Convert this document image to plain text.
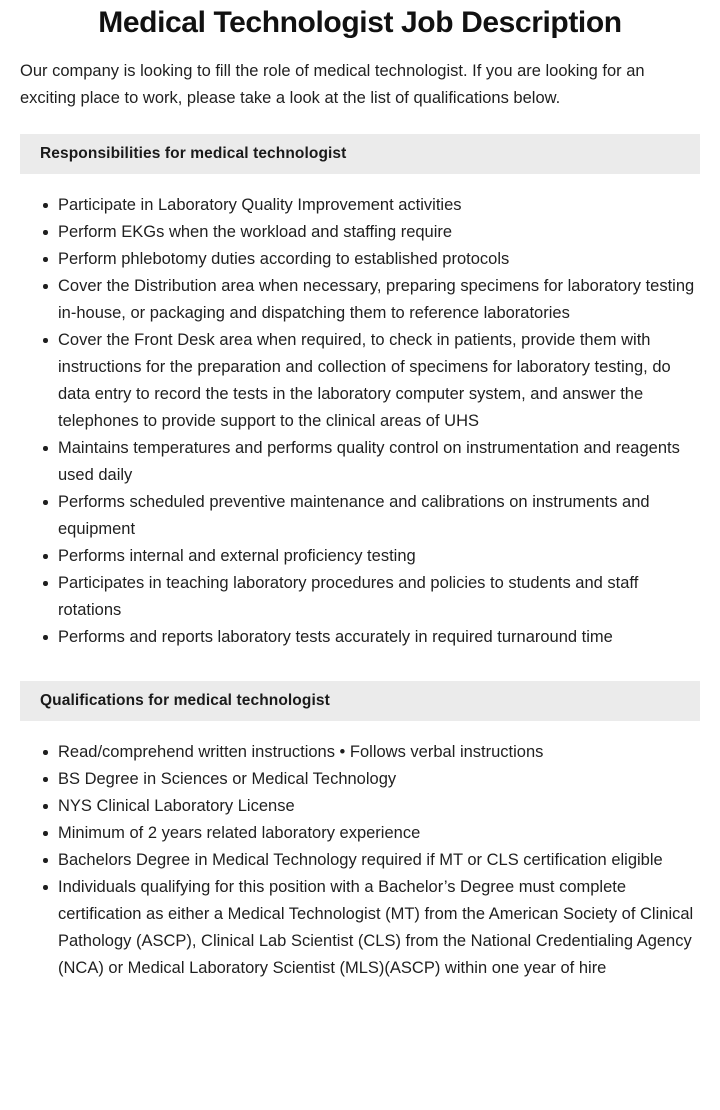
Medical Technologist Job Description

Our company is looking to fill the role of medical technologist. If you are looking for an exciting place to work, please take a look at the list of qualifications below.

Responsibilities for medical technologist
Participate in Laboratory Quality Improvement activities
Perform EKGs when the workload and staffing require
Perform phlebotomy duties according to established protocols
Cover the Distribution area when necessary, preparing specimens for laboratory testing in-house, or packaging and dispatching them to reference laboratories
Cover the Front Desk area when required, to check in patients, provide them with instructions for the preparation and collection of specimens for laboratory testing, do data entry to record the tests in the laboratory computer system, and answer the telephones to provide support to the clinical areas of UHS
Maintains temperatures and performs quality control on instrumentation and reagents used daily
Performs scheduled preventive maintenance and calibrations on instruments and equipment
Performs internal and external proficiency testing
Participates in teaching laboratory procedures and policies to students and staff rotations
Performs and reports laboratory tests accurately in required turnaround time
Qualifications for medical technologist
Read/comprehend written instructions • Follows verbal instructions
BS Degree in Sciences or Medical Technology
NYS Clinical Laboratory License
Minimum of 2 years related laboratory experience
Bachelors Degree in Medical Technology required if MT or CLS certification eligible
Individuals qualifying for this position with a Bachelor’s Degree must complete certification as either a Medical Technologist (MT) from the American Society of Clinical Pathology (ASCP), Clinical Lab Scientist (CLS) from the National Credentialing Agency (NCA) or Medical Laboratory Scientist (MLS)(ASCP) within one year of hire
